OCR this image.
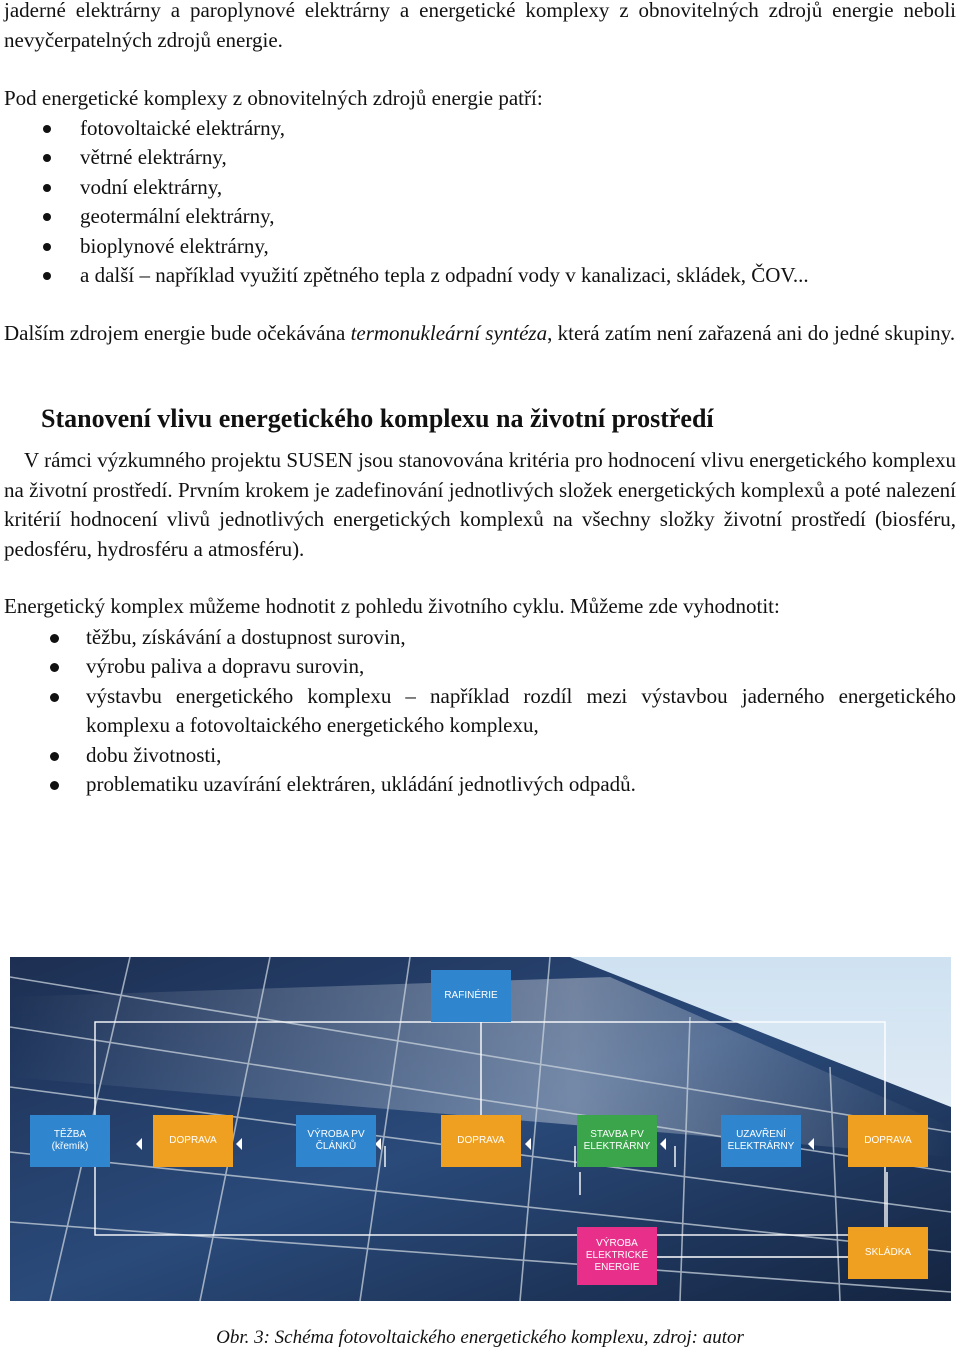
jaderné elektrárny a paroplynové elektrárny a energetické komplexy z obnovitelných zdrojů energie neboli nevyčerpatelných zdrojů energie.

Pod energetické komplexy z obnovitelných zdrojů energie patří:

fotovoltaické elektrárny,
větrné elektrárny,
vodní elektrárny,
geotermální elektrárny,
bioplynové elektrárny,
a další – například využití zpětného tepla z odpadní vody v kanalizaci, skládek, ČOV...

Dalším zdrojem energie bude očekávána termonukleární syntéza, která zatím není zařazená ani do jedné skupiny.

Stanovení vlivu energetického komplexu na životní prostředí

V rámci výzkumného projektu SUSEN jsou stanovována kritéria pro hodnocení vlivu energetického komplexu na životní prostředí. Prvním krokem je zadefinování jednotlivých složek energetických komplexů a poté nalezení kritérií hodnocení vlivů jednotlivých energetických komplexů na všechny složky životní prostředí (biosféru, pedosféru, hydrosféru a atmosféru).

Energetický komplex můžeme hodnotit z pohledu životního cyklu. Můžeme zde vyhodnotit:

těžbu, získávání a dostupnost surovin,
výrobu paliva a dopravu surovin,
výstavbu energetického komplexu – například rozdíl mezi výstavbou jaderného energetického komplexu a fotovoltaického energetického komplexu,
dobu životnosti,
problematiku uzavírání elektráren, ukládání jednotlivých odpadů.
RAFINÉRIE
TĚŽBA
(křemík)
DOPRAVA
VÝROBA PV
ČLÁNKŮ
DOPRAVA
STAVBA PV
ELEKTRÁRNY
UZAVŘENÍ
ELEKTRÁRNY
DOPRAVA
VÝROBA
ELEKTRICKÉ
ENERGIE
SKLÁDKA
Obr. 3: Schéma fotovoltaického energetického komplexu, zdroj: autor
